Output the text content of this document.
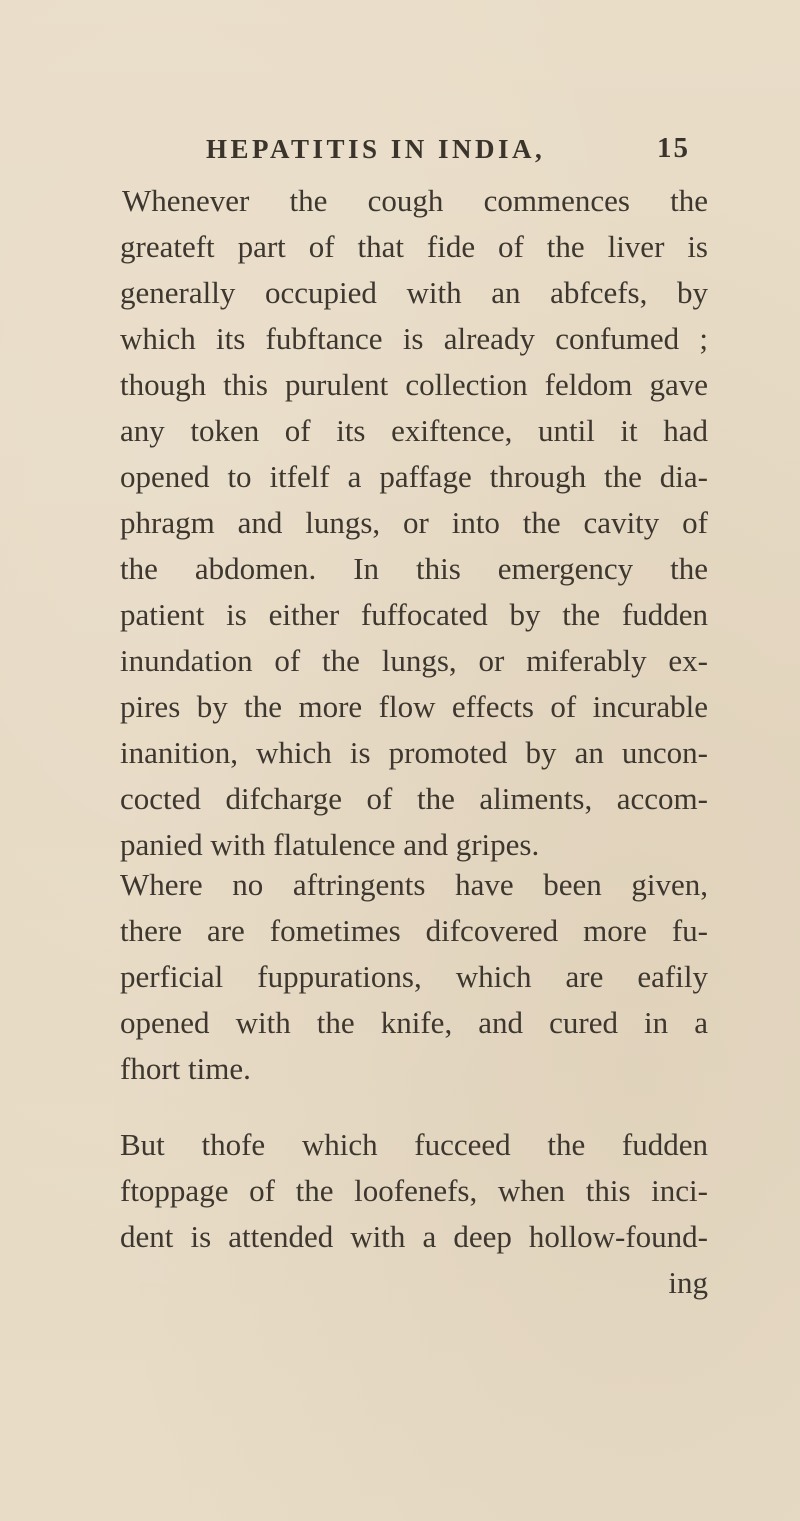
HEPATITIS IN INDIA,	15
Whenever the cough commences the
greateft part of that fide of the liver is
generally occupied with an abfcefs, by
which its fubftance is already confumed ;
though this purulent collection feldom gave
any token of its exiftence, until it had
opened to itfelf a paffage through the dia-
phragm and lungs, or into the cavity of
the abdomen. In this emergency the
patient is either fuffocated by the fudden
inundation of the lungs, or miferably ex-
pires by the more flow effects of incurable
inanition, which is promoted by an uncon-
cocted difcharge of the aliments, accom-
panied with flatulence and gripes.
Where no aftringents have been given,
there are fometimes difcovered more fu-
perficial fuppurations, which are eafily
opened with the knife, and cured in a
fhort time.
But thofe which fucceed the fudden
ftoppage of the loofenefs, when this inci-
dent is attended with a deep hollow-found-
ing
